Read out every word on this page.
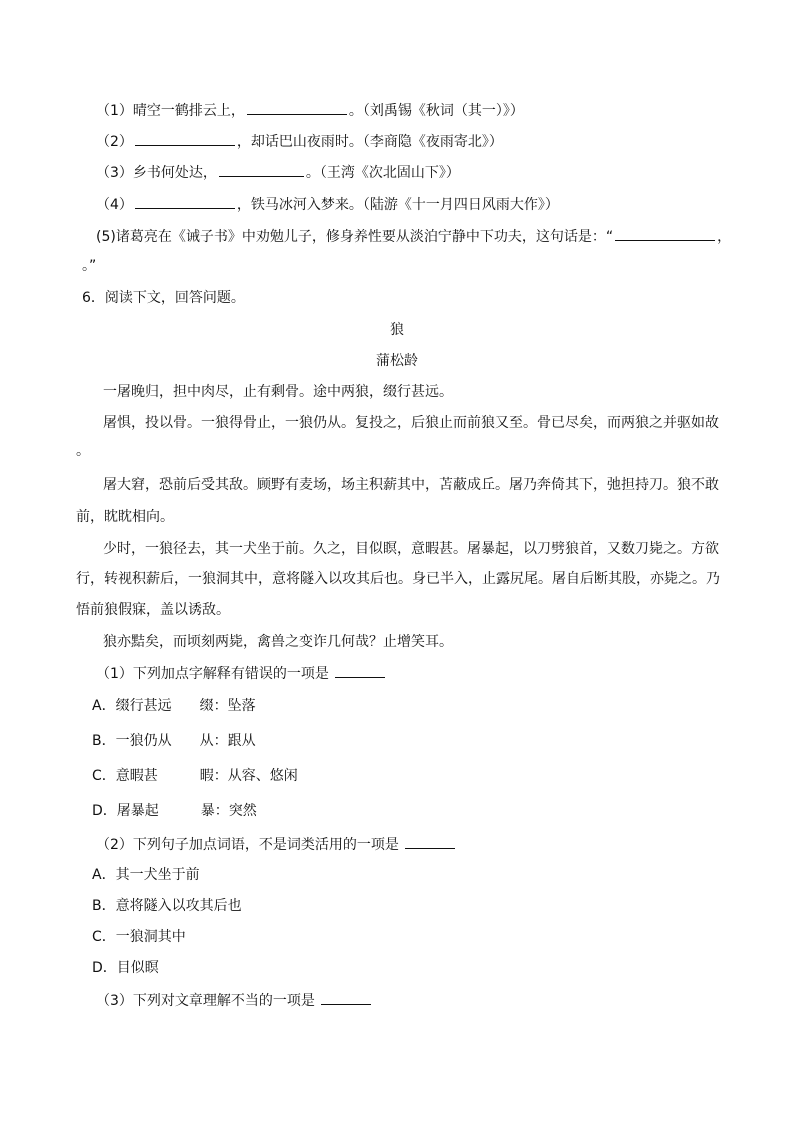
（1）晴空一鹤排云上，	。（刘禹锡《秋词（其一）》）
（2）	，却话巴山夜雨时。（李商隐《夜雨寄北》）
（3）乡书何处达，	。（王湾《次北固山下》）
（4）	，铁马冰河入梦来。（陆游《十一月四日风雨大作》）
(5)诸葛亮在《诫子书》中劝勉儿子，修身养性要从淡泊宁静中下功夫，这句话是：“	，
。”
6．阅读下文，回答问题。
狼
蒲松龄
一屠晚归，担中肉尽，止有剩骨。途中两狼，缀行甚远。
屠惧，投以骨。一狼得骨止，一狼仍从。复投之，后狼止而前狼又至。骨已尽矣，而两狼之并驱如故
。
屠大窘，恐前后受其敌。顾野有麦场，场主积薪其中，苫蔽成丘。屠乃奔倚其下，弛担持刀。狼不敢
前，眈眈相向。
少时，一狼径去，其一犬坐于前。久之，目似瞑，意暇甚。屠暴起，以刀劈狼首，又数刀毙之。方欲
行，转视积薪后，一狼洞其中，意将隧入以攻其后也。身已半入，止露尻尾。屠自后断其股，亦毙之。乃
悟前狼假寐，盖以诱敌。
狼亦黠矣，而顷刻两毙，禽兽之变诈几何哉？止增笑耳。
（1）下列加点字解释有错误的一项是
A．缀行甚远 缀：坠落
B．一狼仍从 从：跟从
C．意暇甚	暇：从容、悠闲
D．屠暴起	暴：突然
（2）下列句子加点词语，不是词类活用的一项是
A．其一犬坐于前
B．意将隧入以攻其后也
C．一狼洞其中
D．目似瞑
（3）下列对文章理解不当的一项是
